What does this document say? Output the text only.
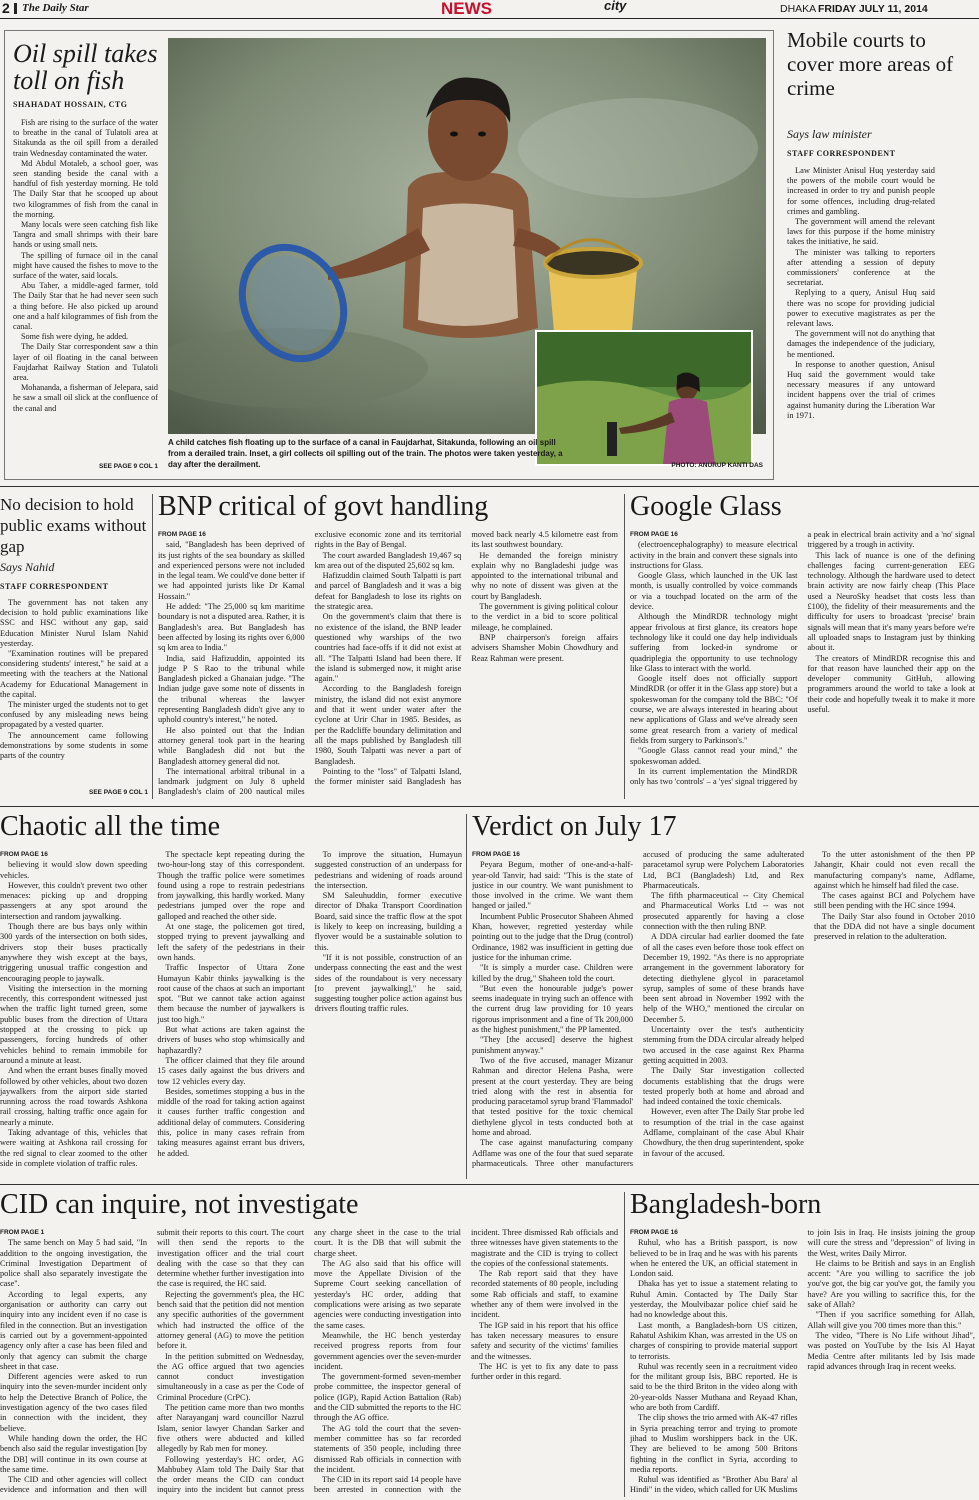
2 The Daily Star	NEWS	city	DHAKA FRIDAY JULY 11, 2014
Oil spill takes toll on fish
SHAHADAT HOSSAIN, CTG

Fish are rising to the surface of the water to breathe in the canal of Tulatoli area at Sitakunda as the oil spill from a derailed train Wednesday contaminated the water.

Md Abdul Motaleb, a school goer, was seen standing beside the canal with a handful of fish yesterday morning. He told The Daily Star that he scooped up about two kilogrammes of fish from the canal in the morning.

Many locals were seen catching fish like Tangra and small shrimps with their bare hands or using small nets.

The spilling of furnace oil in the canal might have caused the fishes to move to the surface of the water, said locals.

Abu Taher, a middle-aged farmer, told The Daily Star that he had never seen such a thing before. He also picked up around one and a half kilogrammes of fish from the canal.

Some fish were dying, he added.

The Daily Star correspondent saw a thin layer of oil floating in the canal between Faujdarhat Railway Station and Tulatoli area.

Mohananda, a fisherman of Jelepara, said he saw a small oil slick at the confluence of the canal and

SEE PAGE 9 COL 1
A child catches fish floating up to the surface of a canal in Faujdarhat, Sitakunda, following an oil spill from a derailed train. Inset, a girl collects oil spilling out of the train. The photos were taken yesterday, a day after the derailment.	PHOTO: ANURUP KANTI DAS
Mobile courts to cover more areas of crime
Says law minister
STAFF CORRESPONDENT

Law Minister Anisul Huq yesterday said the powers of the mobile court would be increased in order to try and punish people for some offences, including drug-related crimes and gambling.

The government will amend the relevant laws for this purpose if the home ministry takes the initiative, he said.

The minister was talking to reporters after attending a session of deputy commissioners' conference at the secretariat.

Replying to a query, Anisul Huq said there was no scope for providing judicial power to executive magistrates as per the relevant laws.

The government will not do anything that damages the independence of the judiciary, he mentioned.

In response to another question, Anisul Huq said the government would take necessary measures if any untoward incident happens over the trial of crimes against humanity during the Liberation War in 1971.

No decision to hold public exams without gap
Says Nahid
STAFF CORRESPONDENT

The government has not taken any decision to hold public examinations like SSC and HSC without any gap, said Education Minister Nurul Islam Nahid yesterday.

"Examination routines will be prepared considering students' interest," he said at a meeting with the teachers at the National Academy for Educational Management in the capital.

The minister urged the students not to get confused by any misleading news being propagated by a vested quarter.

The announcement came following demonstrations by some students in some parts of the country

SEE PAGE 9 COL 1
BNP critical of govt handling
FROM PAGE 16

said, "Bangladesh has been deprived of its just rights of the sea boundary as skilled and experienced persons were not included in the legal team. We could've done better if we had appointed jurists like Dr Kamal Hossain."

He added: "The 25,000 sq km maritime boundary is not a disputed area. Rather, it is Bangladesh's area. But Bangladesh has been affected by losing its rights over 6,000 sq km area to India."

India, said Hafizuddin, appointed its judge P S Rao to the tribunal while Bangladesh picked a Ghanaian judge. "The Indian judge gave some note of dissents in the tribunal whereas the lawyer representing Bangladesh didn't give any to uphold country's interest," he noted.

He also pointed out that the Indian attorney general took part in the hearing while Bangladesh did not but the Bangladesh attorney general did not.

The international arbitral tribunal in a landmark judgment on July 8 upheld Bangladesh's claim of 200 nautical miles exclusive economic zone and its territorial rights in the Bay of Bengal.

The court awarded Bangladesh 19,467 sq km area out of the disputed 25,602 sq km.

Hafizuddin claimed South Talpatti is part and parcel of Bangladesh and it was a big defeat for Bangladesh to lose its rights on the strategic area.

On the government's claim that there is no existence of the island, the BNP leader questioned why warships of the two countries had face-offs if it did not exist at all. "The Talpatti Island had been there. If the island is submerged now, it might arise again."

According to the Bangladesh foreign ministry, the island did not exist anymore and that it went under water after the cyclone at Urir Char in 1985. Besides, as per the Radcliffe boundary delimitation and all the maps published by Bangladesh till 1980, South Talpatti was never a part of Bangladesh.

Pointing to the "loss" of Talpatti Island, the former minister said Bangladesh has moved back nearly 4.5 kilometre east from its last southwest boundary.

He demanded the foreign ministry explain why no Bangladeshi judge was appointed to the international tribunal and why no note of dissent was given at the court by Bangladesh.

The government is giving political colour to the verdict in a bid to score political mileage, he complained.

BNP chairperson's foreign affairs advisers Shamsher Mobin Chowdhury and Reaz Rahman were present.

Google Glass
FROM PAGE 16

(electroencephalography) to measure electrical activity in the brain and convert these signals into instructions for Glass.

Google Glass, which launched in the UK last month, is usually controlled by voice commands or via a touchpad located on the arm of the device.

Although the MindRDR technology might appear frivolous at first glance, its creators hope technology like it could one day help individuals suffering from locked-in syndrome or quadriplegia the opportunity to use technology like Glass to interact with the world.

Google itself does not officially support MindRDR (or offer it in the Glass app store) but a spokeswoman for the company told the BBC: "Of course, we are always interested in hearing about new applications of Glass and we've already seen some great research from a variety of medical fields from surgery to Parkinson's."

"Google Glass cannot read your mind," the spokeswoman added.

In its current implementation the MindRDR only has two 'controls' – a 'yes' signal triggered by a peak in electrical brain activity and a 'no' signal triggered by a trough in activity.

This lack of nuance is one of the defining challenges facing current-generation EEG technology. Although the hardware used to detect brain activity are now fairly cheap (This Place used a NeuroSky headset that costs less than £100), the fidelity of their measurements and the difficulty for users to broadcast 'precise' brain signals will mean that it's many years before we're all uploaded snaps to Instagram just by thinking about it.

The creators of MindRDR recognise this and for that reason have launched their app on the developer community GitHub, allowing programmers around the world to take a look at their code and hopefully tweak it to make it more useful.

Chaotic all the time
FROM PAGE 16

believing it would slow down speeding vehicles.

However, this couldn't prevent two other menaces: picking up and dropping passengers at any spot around the intersection and random jaywalking.

Though there are bus bays only within 300 yards of the intersection on both sides, drivers stop their buses practically anywhere they wish except at the bays, triggering unusual traffic congestion and encouraging people to jaywalk.

Visiting the intersection in the morning recently, this correspondent witnessed just when the traffic light turned green, some public buses from the direction of Uttara stopped at the crossing to pick up passengers, forcing hundreds of other vehicles behind to remain immobile for around a minute at least.

And when the errant buses finally moved followed by other vehicles, about two dozen jaywalkers from the airport side started running across the road towards Ashkona rail crossing, halting traffic once again for nearly a minute.

Taking advantage of this, vehicles that were waiting at Ashkona rail crossing for the red signal to clear zoomed to the other side in complete violation of traffic rules.

The spectacle kept repeating during the two-hour-long stay of this correspondent. Though the traffic police were sometimes found using a rope to restrain pedestrians from jaywalking, this hardly worked. Many pedestrians jumped over the rope and galloped and reached the other side.

At one stage, the policemen got tired, stopped trying to prevent jaywalking and left the safety of the pedestrians in their own hands.

Traffic Inspector of Uttara Zone Humayun Kabir thinks jaywalking is the root cause of the chaos at such an important spot. "But we cannot take action against them because the number of jaywalkers is just too high."

But what actions are taken against the drivers of buses who stop whimsically and haphazardly?

The officer claimed that they file around 15 cases daily against the bus drivers and tow 12 vehicles every day.

Besides, sometimes stopping a bus in the middle of the road for taking action against it causes further traffic congestion and additional delay of commuters. Considering this, police in many cases refrain from taking measures against errant bus drivers, he added.

To improve the situation, Humayun suggested construction of an underpass for pedestrians and widening of roads around the intersection.

SM Saleuhuddin, former executive director of Dhaka Transport Coordination Board, said since the traffic flow at the spot is likely to keep on increasing, building a flyover would be a sustainable solution to this.

"If it is not possible, construction of an underpass connecting the east and the west sides of the roundabout is very necessary [to prevent jaywalking]," he said, suggesting tougher police action against bus drivers flouting traffic rules.

Verdict on July 17
FROM PAGE 16

Peyara Begum, mother of one-and-a-half-year-old Tanvir, had said: "This is the state of justice in our country. We want punishment to those involved in the crime. We want them hanged or jailed."

Incumbent Public Prosecutor Shaheen Ahmed Khan, however, regretted yesterday while pointing out to the judge that the Drug (control) Ordinance, 1982 was insufficient in getting due justice for the inhuman crime.

"It is simply a murder case. Children were killed by the drug," Shaheen told the court.

"But even the honourable judge's power seems inadequate in trying such an offence with the current drug law providing for 10 years rigorous imprisonment and a fine of Tk 200,000 as the highest punishment," the PP lamented.

"They [the accused] deserve the highest punishment anyway."

Two of the five accused, manager Mizanur Rahman and director Helena Pasha, were present at the court yesterday. They are being tried along with the rest in absentia for producing paracetamol syrup brand 'Flammadol' that tested positive for the toxic chemical diethylene glycol in tests conducted both at home and abroad.

The case against manufacturing company Adflame was one of the four that sued separate pharmaceuticals. Three other manufacturers accused of producing the same adulterated paracetamol syrup were Polychem Laboratories Ltd, BCI (Bangladesh) Ltd, and Rex Pharmaceuticals.

The fifth pharmaceutical -- City Chemical and Pharmaceutical Works Ltd -- was not prosecuted apparently for having a close connection with the then ruling BNP.

A DDA circular had earlier doomed the fate of all the cases even before those took effect on December 19, 1992. "As there is no appropriate arrangement in the government laboratory for detecting diethylene glycol in paracetamol syrup, samples of some of these brands have been sent abroad in November 1992 with the help of the WHO," mentioned the circular on December 5.

Uncertainty over the test's authenticity stemming from the DDA circular already helped two accused in the case against Rex Pharma getting acquitted in 2003.

The Daily Star investigation collected documents establishing that the drugs were tested properly both at home and abroad and had indeed contained the toxic chemicals.

However, even after The Daily Star probe led to resumption of the trial in the case against Adflame, complainant of the case Abul Khair Chowdhury, the then drug superintendent, spoke in favour of the accused.

To the utter astonishment of the then PP Jahangir, Khair could not even recall the manufacturing company's name, Adflame, against which he himself had filed the case.

The cases against BCI and Polychem have still been pending with the HC since 1994.

The Daily Star also found in October 2010 that the DDA did not have a single document preserved in relation to the adulteration.

CID can inquire, not investigate
FROM PAGE 1

The same bench on May 5 had said, "In addition to the ongoing investigation, the Criminal Investigation Department of police shall also separately investigate the case".

According to legal experts, any organisation or authority can carry out inquiry into any incident even if no case is filed in the connection. But an investigation is carried out by a government-appointed agency only after a case has been filed and only that agency can submit the charge sheet in that case.

Different agencies were asked to run inquiry into the seven-murder incident only to help the Detective Branch of Police, the investigation agency of the two cases filed in connection with the incident, they believe.

While handing down the order, the HC bench also said the regular investigation [by the DB] will continue in its own course at the same time.

The CID and other agencies will collect evidence and information and then will submit their reports to this court. The court will then send the reports to the investigation officer and the trial court dealing with the case so that they can determine whether further investigation into the case is required, the HC said.

Rejecting the government's plea, the HC bench said that the petition did not mention any specific authorities of the government which had instructed the office of the attorney general (AG) to move the petition before it.

In the petition submitted on Wednesday, the AG office argued that two agencies cannot conduct investigation simultaneously in a case as per the Code of Criminal Procedure (CrPC).

The petition came more than two months after Narayanganj ward councillor Nazrul Islam, senior lawyer Chandan Sarker and five others were abducted and killed allegedly by Rab men for money.

Following yesterday's HC order, AG Mahbubey Alam told The Daily Star that the order means the CID can conduct inquiry into the incident but cannot press any charge sheet in the case to the trial court. It is the DB that will submit the charge sheet.

The AG also said that his office will move the Appellate Division of the Supreme Court seeking cancellation of yesterday's HC order, adding that complications were arising as two separate agencies were conducting investigation into the same cases.

Meanwhile, the HC bench yesterday received progress reports from four government agencies over the seven-murder incident.

The government-formed seven-member probe committee, the inspector general of police (IGP), Rapid Action Battalion (Rab) and the CID submitted the reports to the HC through the AG office.

The AG told the court that the seven-member committee has so far recorded statements of 350 people, including three dismissed Rab officials in connection with the incident.

The CID in its report said 14 people have been arrested in connection with the incident. Three dismissed Rab officials and three witnesses have given statements to the magistrate and the CID is trying to collect the copies of the confessional statements.

The Rab report said that they have recorded statements of 80 people, including some Rab officials and staff, to examine whether any of them were involved in the incident.

The IGP said in his report that his office has taken necessary measures to ensure safety and security of the victims' families and the witnesses.

The HC is yet to fix any date to pass further order in this regard.

Bangladesh-born
FROM PAGE 16

Ruhul, who has a British passport, is now believed to be in Iraq and he was with his parents when he entered the UK, an official statement in London said.

Dhaka has yet to issue a statement relating to Ruhul Amin. Contacted by The Daily Star yesterday, the Moulvibazar police chief said he had no knowledge about this.

Last month, a Bangladesh-born US citizen, Rahatul Ashikim Khan, was arrested in the US on charges of conspiring to provide material support to terrorists.

Ruhul was recently seen in a recruitment video for the militant group Isis, BBC reported. He is said to be the third Briton in the video along with 20-year-olds Nasser Muthana and Reyaad Khan, who are both from Cardiff.

The clip shows the trio armed with AK-47 rifles in Syria preaching terror and trying to promote jihad to Muslim worshippers back in the UK. They are believed to be among 500 Britons fighting in the conflict in Syria, according to media reports.

Ruhul was identified as "Brother Abu Bara' al Hindi" in the video, which called for UK Muslims to join Isis in Iraq. He insists joining the group will cure the stress and "depression" of living in the West, writes Daily Mirror.

He claims to be British and says in an English accent: "Are you willing to sacrifice the job you've got, the big car you've got, the family you have? Are you willing to sacrifice this, for the sake of Allah?

"Then if you sacrifice something for Allah, Allah will give you 700 times more than this."

The video, "There is No Life without Jihad", was posted on YouTube by the Isis Al Hayat Media Centre after militants led by Isis made rapid advances through Iraq in recent weeks.
